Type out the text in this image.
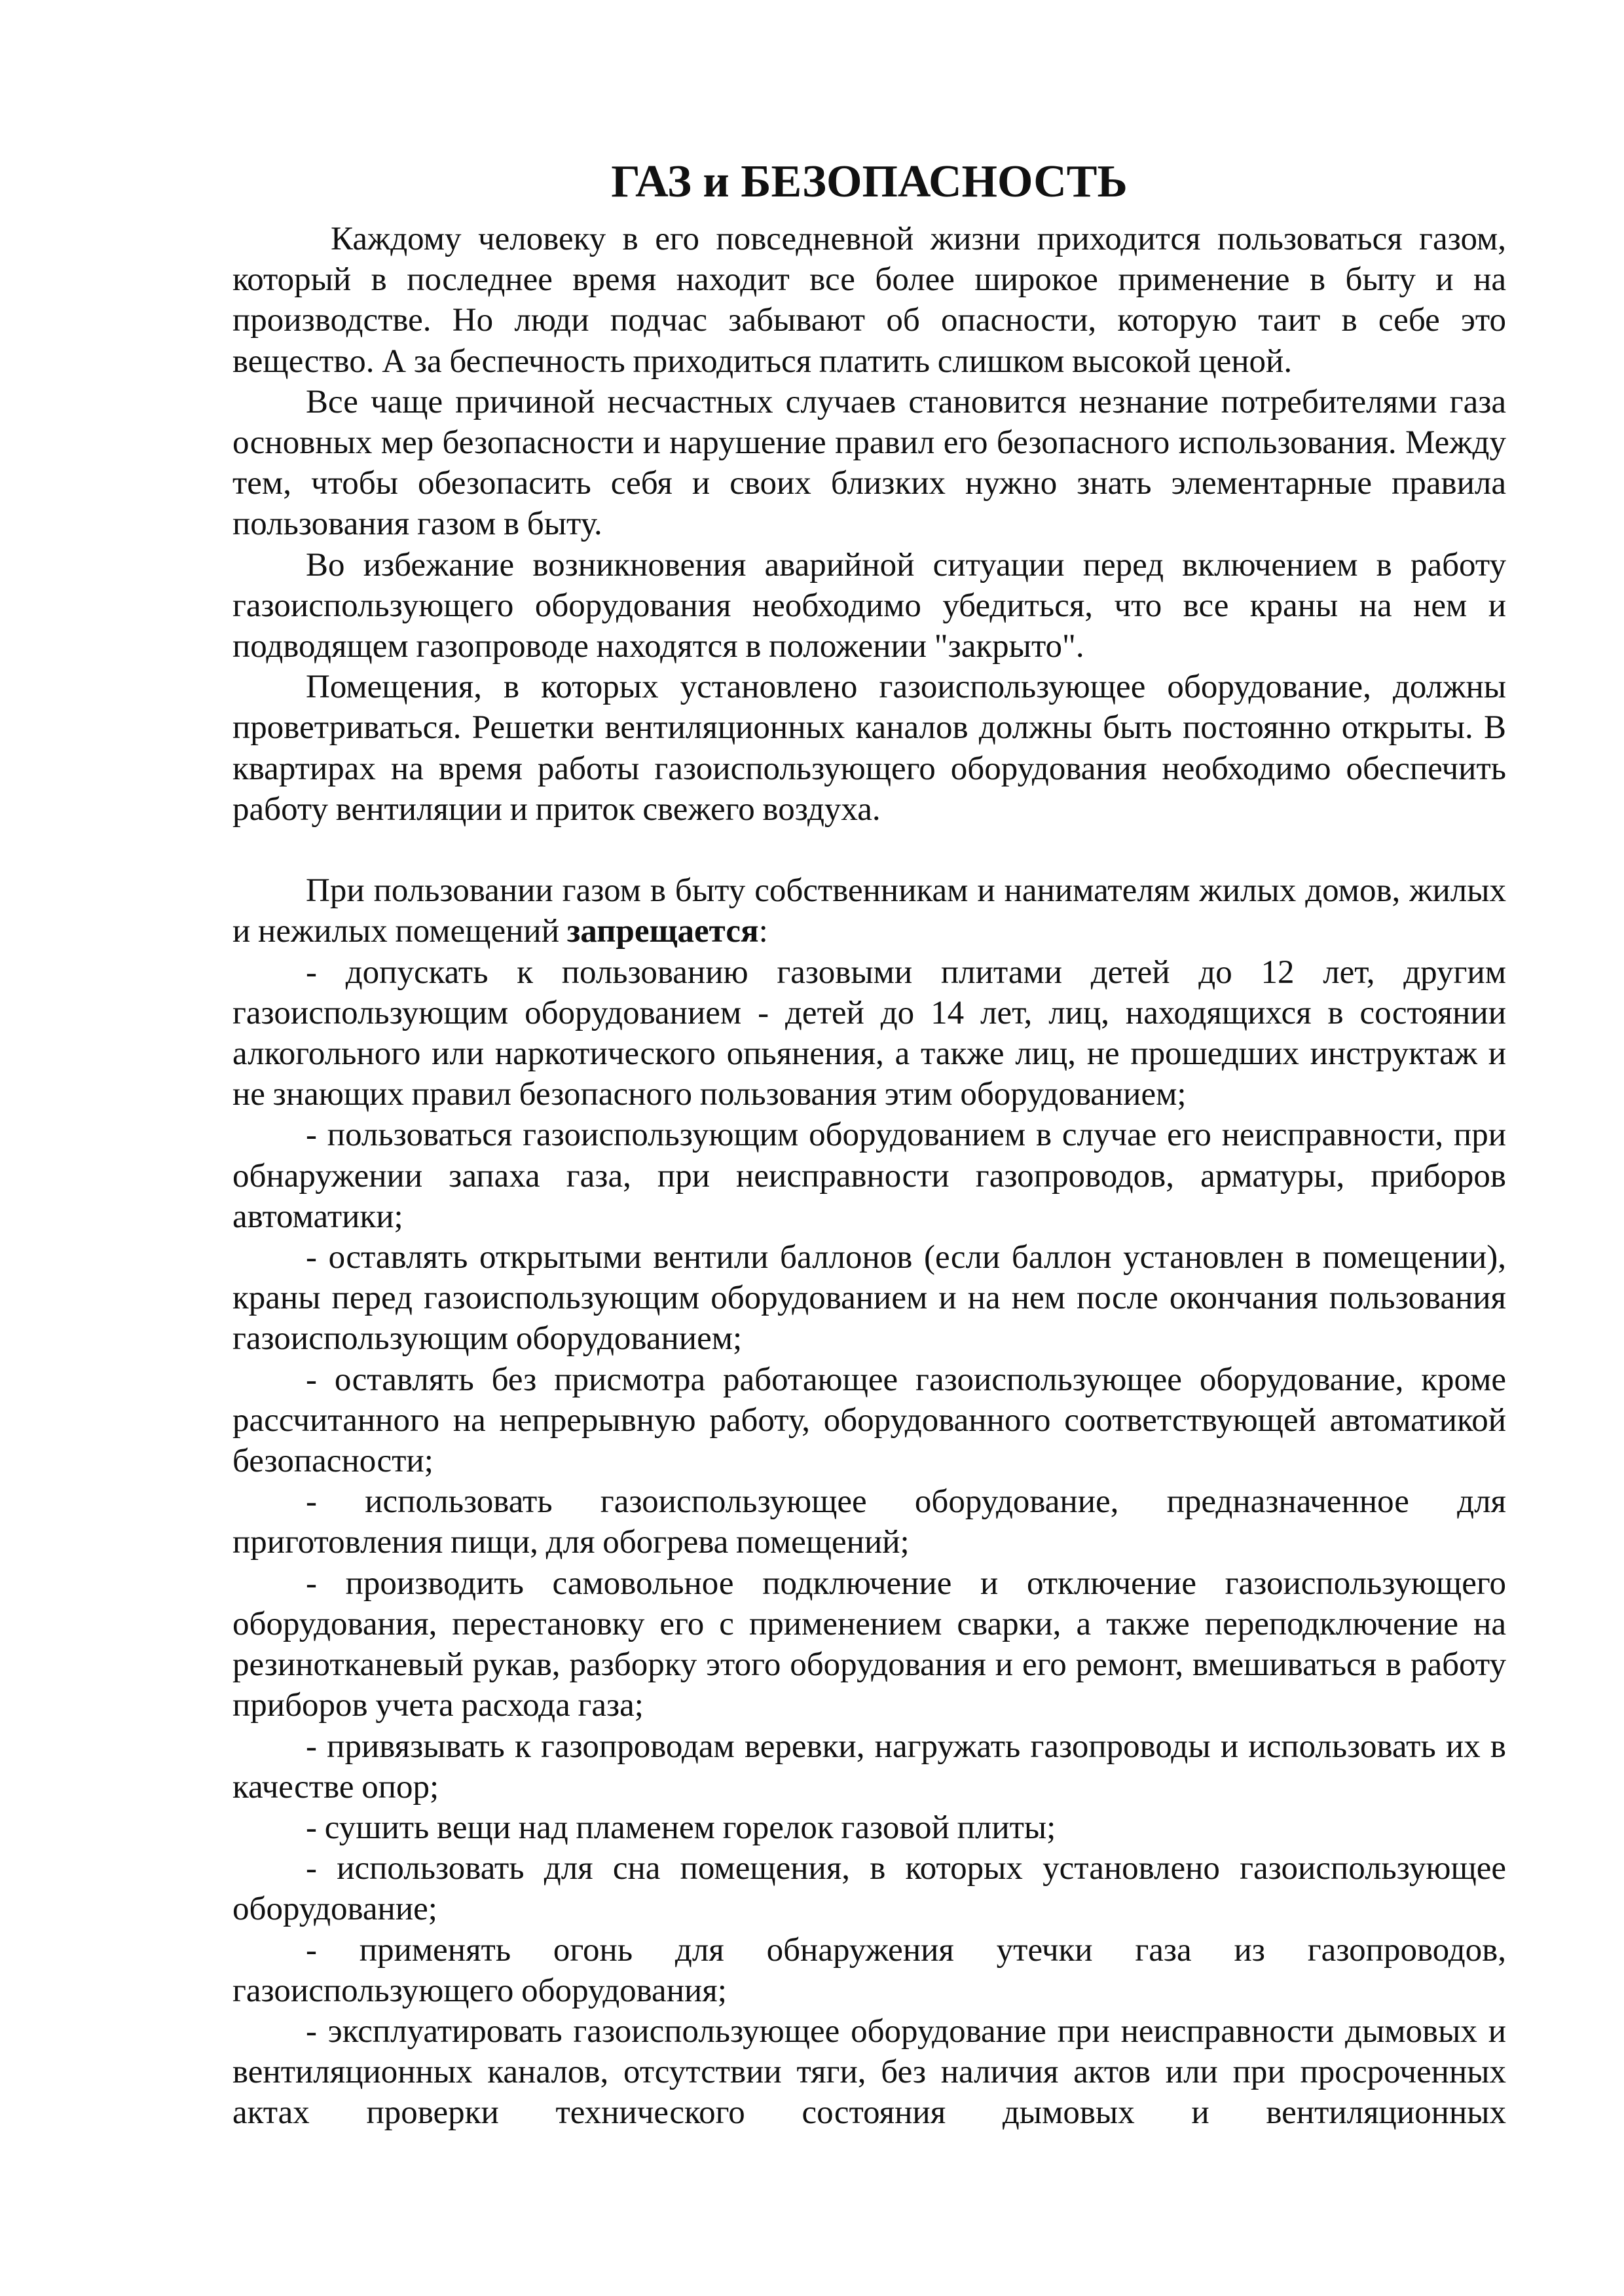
ГАЗ и БЕЗОПАСНОСТЬ

Каждому человеку в его повседневной жизни приходится пользоваться газом, который в последнее время находит все более широкое применение в быту и на производстве. Но люди подчас забывают об опасности, которую таит в себе это вещество. А за беспечность приходиться платить слишком высокой ценой.

Все чаще причиной несчастных случаев становится незнание потребителями газа основных мер безопасности и нарушение правил его безопасного использования. Между тем, чтобы обезопасить себя и своих близких нужно знать элементарные правила пользования газом в быту.

Во избежание возникновения аварийной ситуации перед включением в работу газоиспользующего оборудования необходимо убедиться, что все краны на нем и подводящем газопроводе находятся в положении "закрыто".

Помещения, в которых установлено газоиспользующее оборудование, должны проветриваться. Решетки вентиляционных каналов должны быть постоянно открыты. В квартирах на время работы газоиспользующего оборудования необходимо обеспечить работу вентиляции и приток свежего воздуха.

При пользовании газом в быту собственникам и нанимателям жилых домов, жилых и нежилых помещений запрещается:

- допускать к пользованию газовыми плитами детей до 12 лет, другим газоиспользующим оборудованием - детей до 14 лет, лиц, находящихся в состоянии алкогольного или наркотического опьянения, а также лиц, не прошедших инструктаж и не знающих правил безопасного пользования этим оборудованием;

- пользоваться газоиспользующим оборудованием в случае его неисправности, при обнаружении запаха газа, при неисправности газопроводов, арматуры, приборов автоматики;

- оставлять открытыми вентили баллонов (если баллон установлен в помещении), краны перед газоиспользующим оборудованием и на нем после окончания пользования газоиспользующим оборудованием;

- оставлять без присмотра работающее газоиспользующее оборудование, кроме рассчитанного на непрерывную работу, оборудованного соответствующей автоматикой безопасности;

- использовать газоиспользующее оборудование, предназначенное для приготовления пищи, для обогрева помещений;

- производить самовольное подключение и отключение газоиспользующего оборудования, перестановку его с применением сварки, а также переподключение на резинотканевый рукав, разборку этого оборудования и его ремонт, вмешиваться в работу приборов учета расхода газа;

- привязывать к газопроводам веревки, нагружать газопроводы и использовать их в качестве опор;

- сушить вещи над пламенем горелок газовой плиты;

- использовать для сна помещения, в которых установлено газоиспользующее оборудование;

- применять огонь для обнаружения утечки газа из газопроводов, газоиспользующего оборудования;

- эксплуатировать газоиспользующее оборудование при неисправности дымовых и вентиляционных каналов, отсутствии тяги, без наличия актов или при просроченных актах проверки технического состояния дымовых и вентиляционных
